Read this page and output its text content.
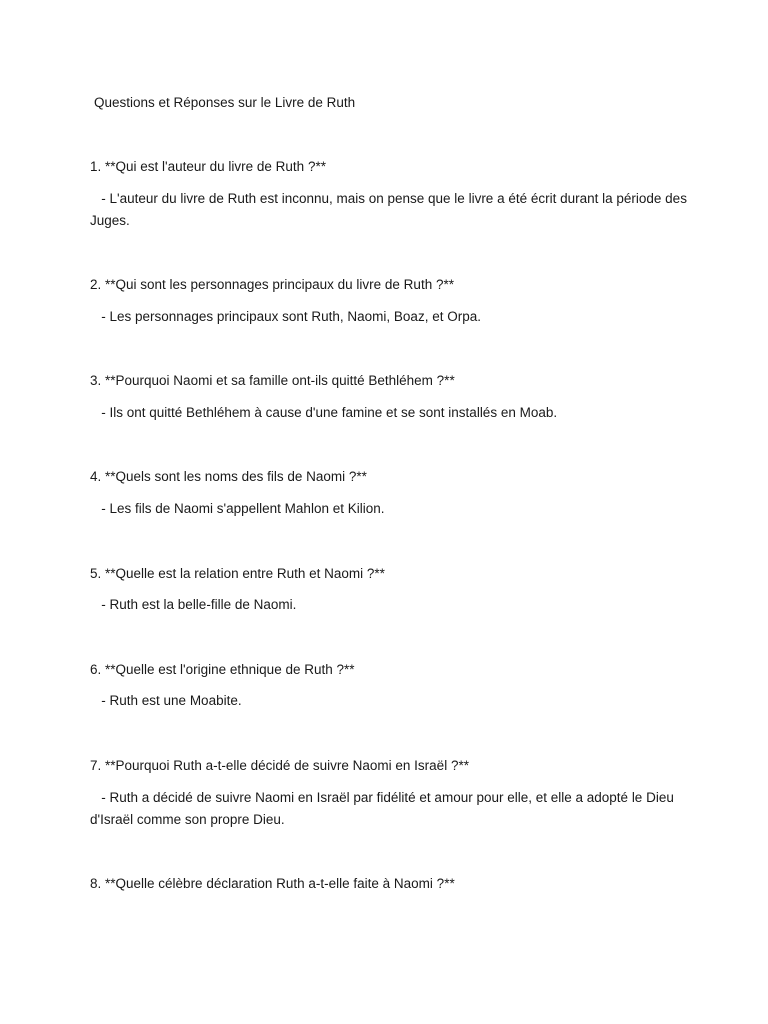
Questions et Réponses sur le Livre de Ruth
1. **Qui est l'auteur du livre de Ruth ?**
- L'auteur du livre de Ruth est inconnu, mais on pense que le livre a été écrit durant la période des Juges.
2. **Qui sont les personnages principaux du livre de Ruth ?**
- Les personnages principaux sont Ruth, Naomi, Boaz, et Orpa.
3. **Pourquoi Naomi et sa famille ont-ils quitté Bethléhem ?**
- Ils ont quitté Bethléhem à cause d'une famine et se sont installés en Moab.
4. **Quels sont les noms des fils de Naomi ?**
- Les fils de Naomi s'appellent Mahlon et Kilion.
5. **Quelle est la relation entre Ruth et Naomi ?**
- Ruth est la belle-fille de Naomi.
6. **Quelle est l'origine ethnique de Ruth ?**
- Ruth est une Moabite.
7. **Pourquoi Ruth a-t-elle décidé de suivre Naomi en Israël ?**
- Ruth a décidé de suivre Naomi en Israël par fidélité et amour pour elle, et elle a adopté le Dieu d'Israël comme son propre Dieu.
8. **Quelle célèbre déclaration Ruth a-t-elle faite à Naomi ?**
